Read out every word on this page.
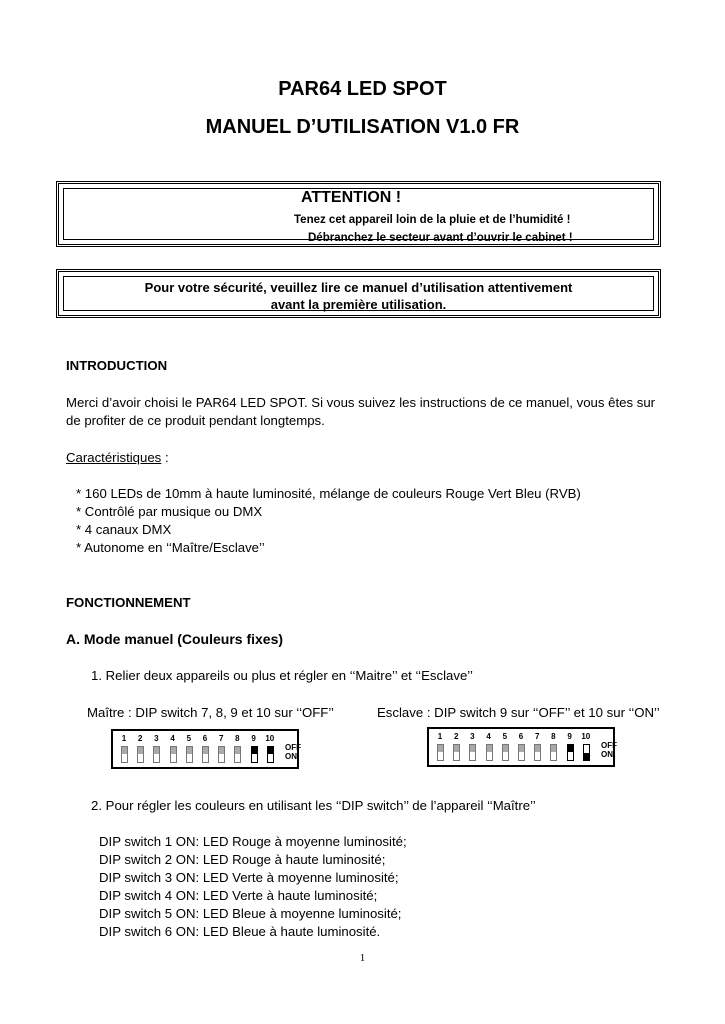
PAR64 LED SPOT
MANUEL D’UTILISATION V1.0 FR
ATTENTION !
Tenez cet appareil loin de la pluie et de l’humidité !
Débranchez le secteur avant d’ouvrir le cabinet !
Pour votre sécurité, veuillez lire ce manuel d’utilisation attentivement
avant la première utilisation.
INTRODUCTION
Merci d’avoir choisi le PAR64 LED SPOT. Si vous suivez les instructions de ce manuel, vous êtes sur
de profiter de ce produit pendant longtemps.
Caractéristiques :
* 160 LEDs de 10mm à haute luminosité, mélange de couleurs Rouge Vert Bleu (RVB)
* Contrôlé par musique ou DMX
* 4 canaux DMX
* Autonome en ‘‘Maître/Esclave’’
FONCTIONNEMENT
A. Mode manuel (Couleurs fixes)
1. Relier deux appareils ou plus et régler en ‘‘Maitre’’ et ‘‘Esclave’’
Maître : DIP switch 7, 8, 9 et 10 sur ‘‘OFF’’	Esclave : DIP switch 9 sur ‘‘OFF’’ et 10 sur ‘‘ON’’
1	2	3	4	5	6	7	8	9	10
OFF
ON
1	2	3	4	5	6	7	8	9	10
OFF
ON
2. Pour régler les couleurs en utilisant les ‘‘DIP switch’’ de l’appareil ‘‘Maître’’
DIP switch 1 ON: LED Rouge à moyenne luminosité;
DIP switch 2 ON: LED Rouge à haute luminosité;
DIP switch 3 ON: LED Verte à moyenne luminosité;
DIP switch 4 ON: LED Verte à haute luminosité;
DIP switch 5 ON: LED Bleue à moyenne luminosité;
DIP switch 6 ON: LED Bleue à haute luminosité.
1
